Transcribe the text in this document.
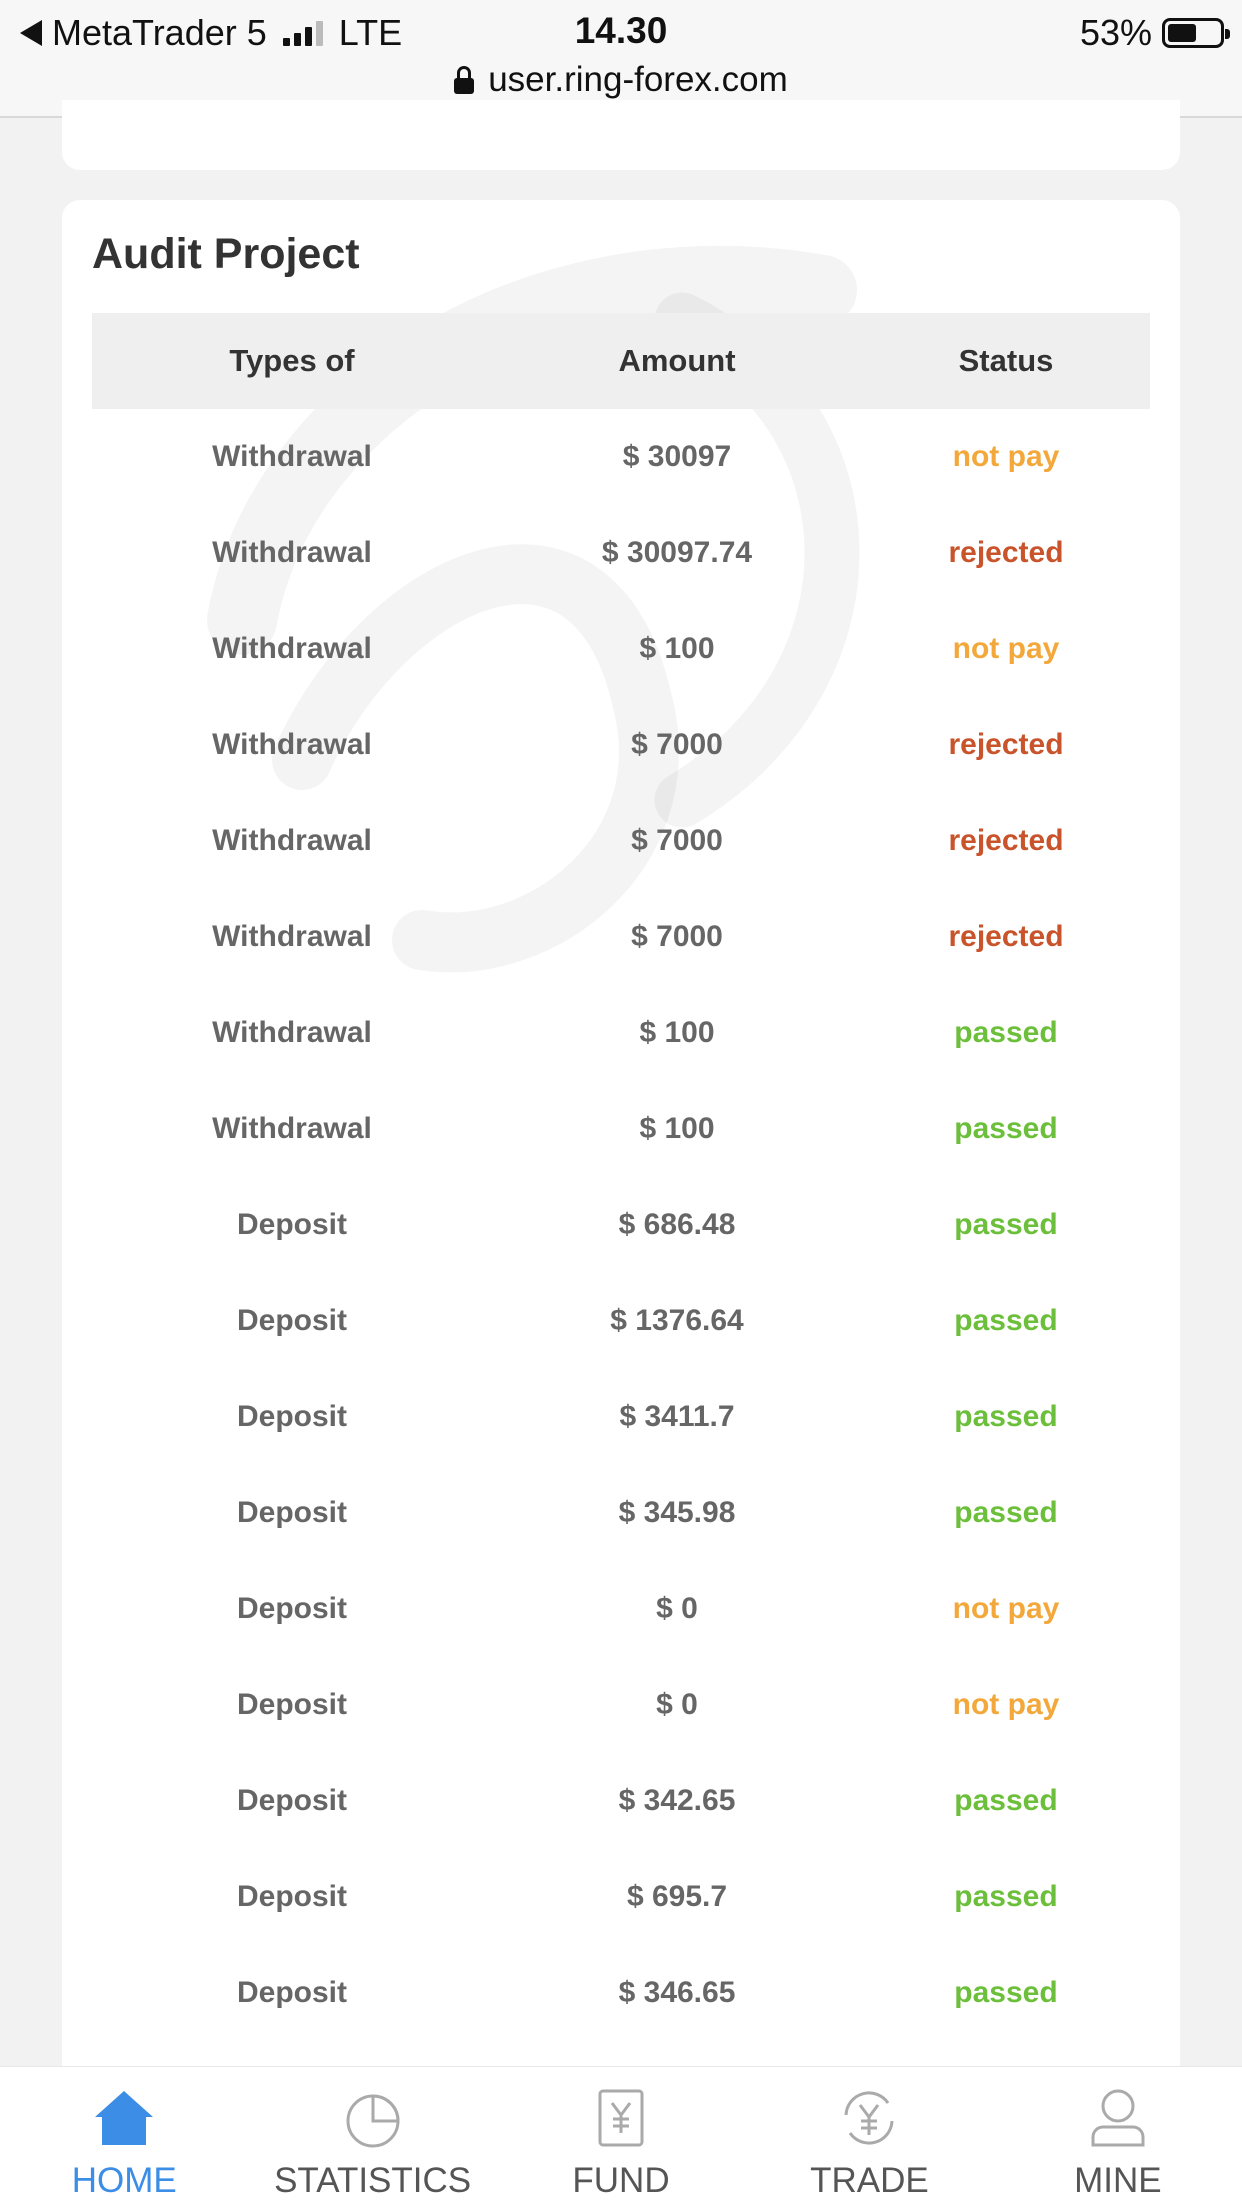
MetaTrader 5 LTE	14.30	53%
user.ring-forex.com
Audit Project
Types of	Amount	Status
Withdrawal	$ 30097	not pay
Withdrawal	$ 30097.74	rejected
Withdrawal	$ 100	not pay
Withdrawal	$ 7000	rejected
Withdrawal	$ 7000	rejected
Withdrawal	$ 7000	rejected
Withdrawal	$ 100	passed
Withdrawal	$ 100	passed
Deposit	$ 686.48	passed
Deposit	$ 1376.64	passed
Deposit	$ 3411.7	passed
Deposit	$ 345.98	passed
Deposit	$ 0	not pay
Deposit	$ 0	not pay
Deposit	$ 342.65	passed
Deposit	$ 695.7	passed
Deposit	$ 346.65	passed
HOME	STATISTICS	FUND	TRADE	MINE
